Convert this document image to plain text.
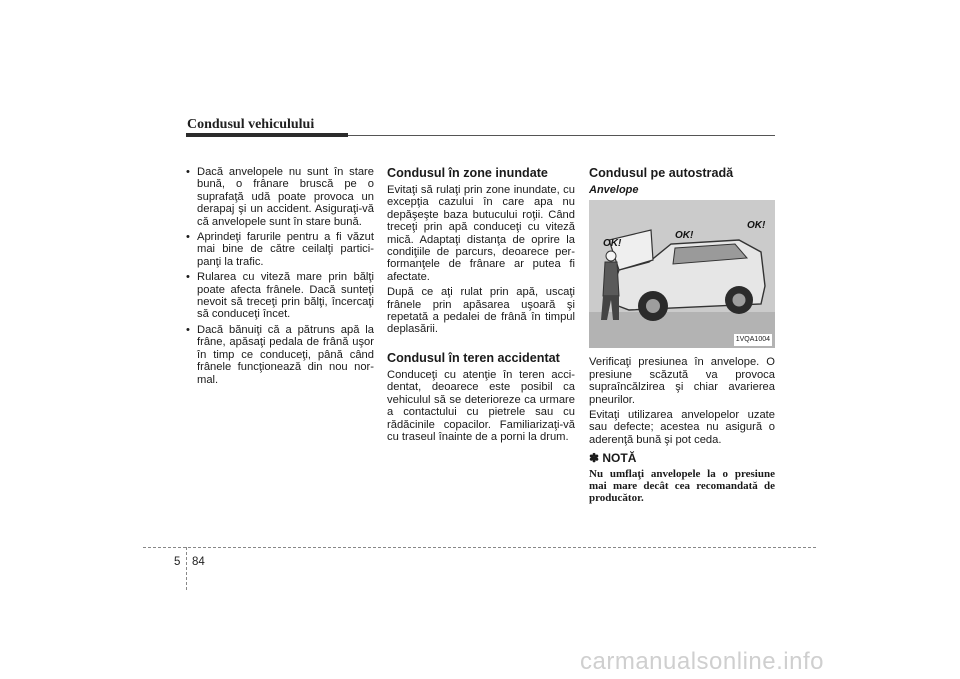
Condusul vehiculului
• Dacă anvelopele nu sunt în stare bună, o frânare bruscă pe o suprafaţă udă poate provoca un derapaj şi un accident. Asiguraţi-vă că anvelopele sunt în stare bună.
• Aprindeţi farurile pentru a fi văzut mai bine de către ceilalţi partici-panţi la trafic.
• Rularea cu viteză mare prin bălţi poate afecta frânele. Dacă sunteţi nevoit să treceţi prin bălţi, încercaţi să conduceţi încet.
• Dacă bănuiţi că a pătruns apă la frâne, apăsaţi pedala de frână uşor în timp ce conduceţi, până când frânele funcţionează din nou nor-mal.
Condusul în zone inundate

Evitaţi să rulaţi prin zone inundate, cu excepţia cazului în care apa nu depăşeşte baza butucului roţii. Când treceţi prin apă conduceţi cu viteză mică. Adaptaţi distanţa de oprire la condiţiile de parcurs, deoarece per-formanţele de frânare ar putea fi afectate.

După ce aţi rulat prin apă, uscaţi frânele prin apăsarea uşoară şi repetată a pedalei de frână în timpul deplasării.

Condusul în teren accidentat

Conduceţi cu atenţie în teren acci-dentat, deoarece este posibil ca vehiculul să se deterioreze ca urmare a contactului cu pietrele sau cu rădăcinile copacilor. Familiarizaţi-vă cu traseul înainte de a porni la drum.

Condusul pe autostradă
Anvelope
OK!
OK!
OK!
1VQA1004

Verificaţi presiunea în anvelope. O presiune scăzută va provoca supraîncălzirea şi chiar avarierea pneurilor.

Evitaţi utilizarea anvelopelor uzate sau defecte; acestea nu asigură o aderenţă bună şi pot ceda.

✽ NOTĂ
Nu umflaţi anvelopele la o presiune mai mare decât cea recomandată de producător.
5 84
carmanualsonline.info
